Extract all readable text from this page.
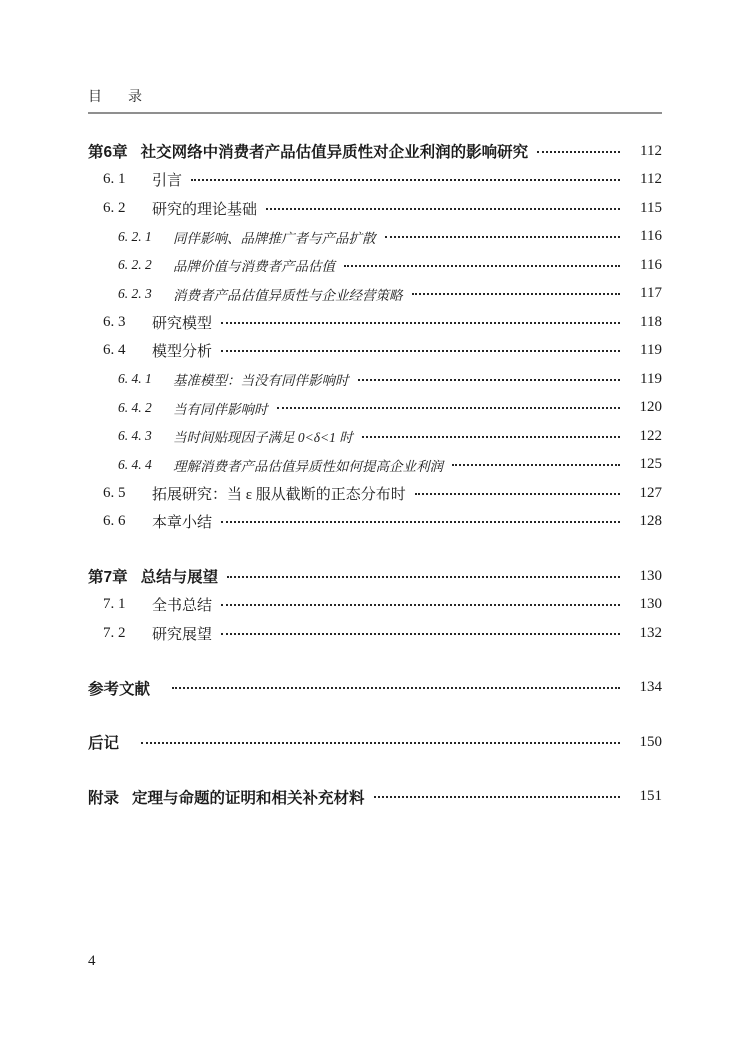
目　录
第6章 社交网络中消费者产品估值异质性对企业利润的影响研究	112
6. 1	引言	112
6. 2	研究的理论基础	115
6. 2. 1	同伴影响、品牌推广者与产品扩散	116
6. 2. 2	品牌价值与消费者产品估值	116
6. 2. 3	消费者产品估值异质性与企业经营策略	117
6. 3	研究模型	118
6. 4	模型分析	119
6. 4. 1	基准模型：当没有同伴影响时	119
6. 4. 2	当有同伴影响时	120
6. 4. 3	当时间贴现因子满足 0<δ<1 时	122
6. 4. 4	理解消费者产品估值异质性如何提高企业利润	125
6. 5	拓展研究：当 ε 服从截断的正态分布时	127
6. 6	本章小结	128
第7章 总结与展望	130
7. 1	全书总结	130
7. 2	研究展望	132
参考文献	134
后记	150
附录 定理与命题的证明和相关补充材料	151
4
